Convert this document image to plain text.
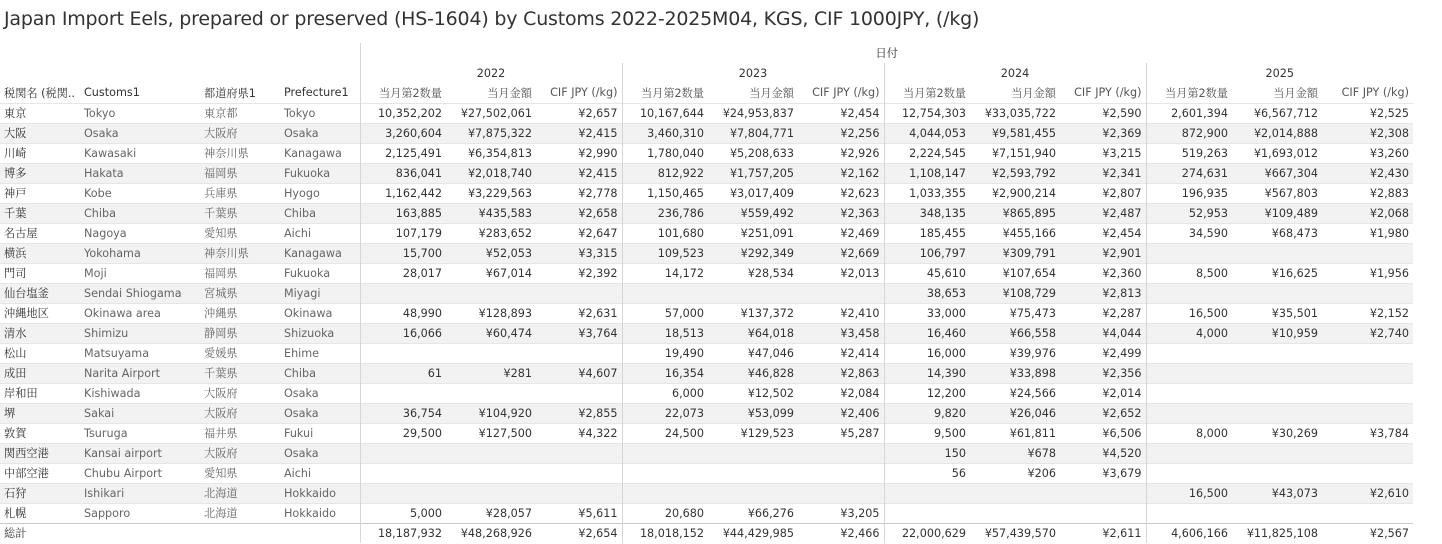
Japan Import Eels, prepared or preserved (HS-1604) by Customs 2022-2025M04, KGS, CIF 1000JPY, (/kg)
				日付											
				2022			2023			2024			2025		
税関名 (税関..	Customs1	都道府県1	Prefecture1	当月第2数量	当月金額	CIF JPY (/kg)	当月第2数量	当月金額	CIF JPY (/kg)	当月第2数量	当月金額	CIF JPY (/kg)	当月第2数量	当月金額	CIF JPY (/kg)
東京	Tokyo	東京都	Tokyo	10,352,202	¥27,502,061	¥2,657	10,167,644	¥24,953,837	¥2,454	12,754,303	¥33,035,722	¥2,590	2,601,394	¥6,567,712	¥2,525
大阪	Osaka	大阪府	Osaka	3,260,604	¥7,875,322	¥2,415	3,460,310	¥7,804,771	¥2,256	4,044,053	¥9,581,455	¥2,369	872,900	¥2,014,888	¥2,308
川崎	Kawasaki	神奈川県	Kanagawa	2,125,491	¥6,354,813	¥2,990	1,780,040	¥5,208,633	¥2,926	2,224,545	¥7,151,940	¥3,215	519,263	¥1,693,012	¥3,260
博多	Hakata	福岡県	Fukuoka	836,041	¥2,018,740	¥2,415	812,922	¥1,757,205	¥2,162	1,108,147	¥2,593,792	¥2,341	274,631	¥667,304	¥2,430
神戸	Kobe	兵庫県	Hyogo	1,162,442	¥3,229,563	¥2,778	1,150,465	¥3,017,409	¥2,623	1,033,355	¥2,900,214	¥2,807	196,935	¥567,803	¥2,883
千葉	Chiba	千葉県	Chiba	163,885	¥435,583	¥2,658	236,786	¥559,492	¥2,363	348,135	¥865,895	¥2,487	52,953	¥109,489	¥2,068
名古屋	Nagoya	愛知県	Aichi	107,179	¥283,652	¥2,647	101,680	¥251,091	¥2,469	185,455	¥455,166	¥2,454	34,590	¥68,473	¥1,980
横浜	Yokohama	神奈川県	Kanagawa	15,700	¥52,053	¥3,315	109,523	¥292,349	¥2,669	106,797	¥309,791	¥2,901			
門司	Moji	福岡県	Fukuoka	28,017	¥67,014	¥2,392	14,172	¥28,534	¥2,013	45,610	¥107,654	¥2,360	8,500	¥16,625	¥1,956
仙台塩釜	Sendai Shiogama	宮城県	Miyagi							38,653	¥108,729	¥2,813			
沖縄地区	Okinawa area	沖縄県	Okinawa	48,990	¥128,893	¥2,631	57,000	¥137,372	¥2,410	33,000	¥75,473	¥2,287	16,500	¥35,501	¥2,152
清水	Shimizu	静岡県	Shizuoka	16,066	¥60,474	¥3,764	18,513	¥64,018	¥3,458	16,460	¥66,558	¥4,044	4,000	¥10,959	¥2,740
松山	Matsuyama	愛媛県	Ehime				19,490	¥47,046	¥2,414	16,000	¥39,976	¥2,499			
成田	Narita Airport	千葉県	Chiba	61	¥281	¥4,607	16,354	¥46,828	¥2,863	14,390	¥33,898	¥2,356			
岸和田	Kishiwada	大阪府	Osaka				6,000	¥12,502	¥2,084	12,200	¥24,566	¥2,014			
堺	Sakai	大阪府	Osaka	36,754	¥104,920	¥2,855	22,073	¥53,099	¥2,406	9,820	¥26,046	¥2,652			
敦賀	Tsuruga	福井県	Fukui	29,500	¥127,500	¥4,322	24,500	¥129,523	¥5,287	9,500	¥61,811	¥6,506	8,000	¥30,269	¥3,784
関西空港	Kansai airport	大阪府	Osaka							150	¥678	¥4,520			
中部空港	Chubu Airport	愛知県	Aichi							56	¥206	¥3,679			
石狩	Ishikari	北海道	Hokkaido										16,500	¥43,073	¥2,610
札幌	Sapporo	北海道	Hokkaido	5,000	¥28,057	¥5,611	20,680	¥66,276	¥3,205						
総計				18,187,932	¥48,268,926	¥2,654	18,018,152	¥44,429,985	¥2,466	22,000,629	¥57,439,570	¥2,611	4,606,166	¥11,825,108	¥2,567
